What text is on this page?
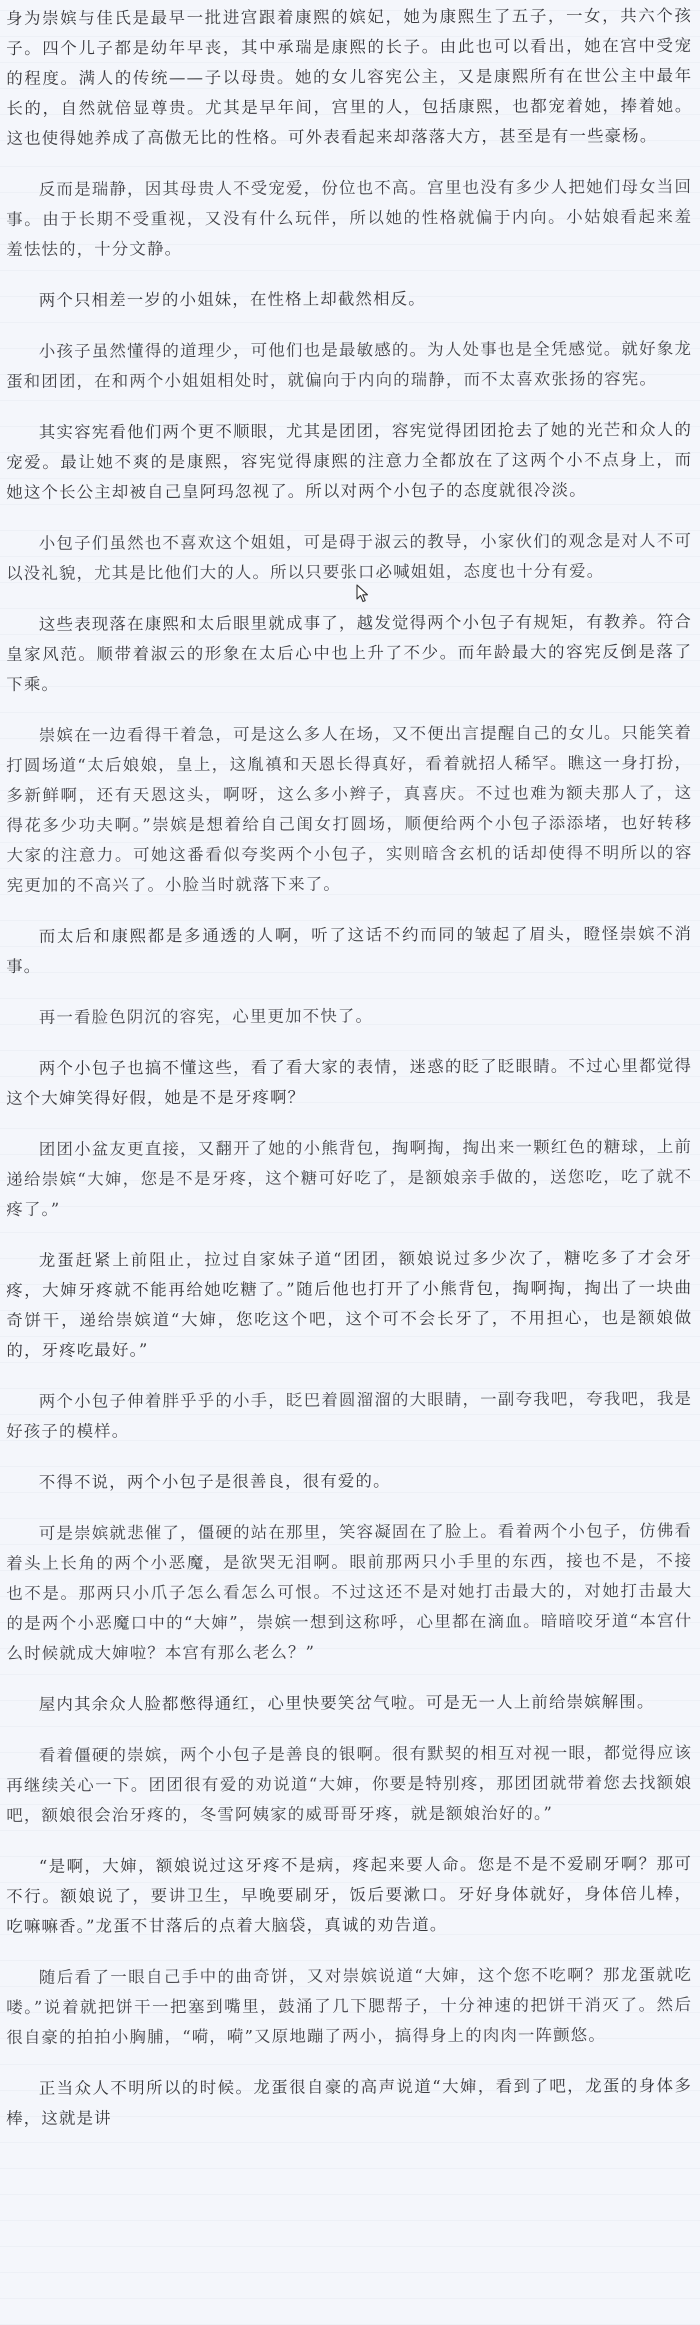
身为崇嫔与佳氏是最早一批进宫跟着康熙的嫔妃，她为康熙生了五子，一女，共六个孩子。四个儿子都是幼年早丧，其中承瑞是康熙的长子。由此也可以看出，她在宫中受宠的程度。满人的传统——子以母贵。她的女儿容宪公主，又是康熙所有在世公主中最年长的，自然就倍显尊贵。尤其是早年间，宫里的人，包括康熙，也都宠着她，捧着她。这也使得她养成了高傲无比的性格。可外表看起来却落落大方，甚至是有一些豪杨。

反而是瑞静，因其母贵人不受宠爱，份位也不高。宫里也没有多少人把她们母女当回事。由于长期不受重视，又没有什么玩伴，所以她的性格就偏于内向。小姑娘看起来羞羞怯怯的，十分文静。

两个只相差一岁的小姐妹，在性格上却截然相反。

小孩子虽然懂得的道理少，可他们也是最敏感的。为人处事也是全凭感觉。就好象龙蛋和团团，在和两个小姐姐相处时，就偏向于内向的瑞静，而不太喜欢张扬的容宪。

其实容宪看他们两个更不顺眼，尤其是团团，容宪觉得团团抢去了她的光芒和众人的宠爱。最让她不爽的是康熙，容宪觉得康熙的注意力全都放在了这两个小不点身上，而她这个长公主却被自己皇阿玛忽视了。所以对两个小包子的态度就很冷淡。

小包子们虽然也不喜欢这个姐姐，可是碍于淑云的教导，小家伙们的观念是对人不可以没礼貌，尤其是比他们大的人。所以只要张口必喊姐姐，态度也十分有爱。

这些表现落在康熙和太后眼里就成事了，越发觉得两个小包子有规矩，有教养。符合皇家风范。顺带着淑云的形象在太后心中也上升了不少。而年龄最大的容宪反倒是落了下乘。

崇嫔在一边看得干着急，可是这么多人在场，又不便出言提醒自己的女儿。只能笑着打圆场道“太后娘娘，皇上，这胤禛和天恩长得真好，看着就招人稀罕。瞧这一身打扮，多新鲜啊，还有天恩这头，啊呀，这么多小辫子，真喜庆。不过也难为额夫那人了，这得花多少功夫啊。”崇嫔是想着给自己闺女打圆场，顺便给两个小包子添添堵，也好转移大家的注意力。可她这番看似夸奖两个小包子，实则暗含玄机的话却使得不明所以的容宪更加的不高兴了。小脸当时就落下来了。

而太后和康熙都是多通透的人啊，听了这话不约而同的皱起了眉头，瞪怪崇嫔不消事。

再一看脸色阴沉的容宪，心里更加不快了。

两个小包子也搞不懂这些，看了看大家的表情，迷惑的眨了眨眼睛。不过心里都觉得这个大婶笑得好假，她是不是牙疼啊？

团团小盆友更直接，又翻开了她的小熊背包，掏啊掏，掏出来一颗红色的糖球，上前递给崇嫔“大婶，您是不是牙疼，这个糖可好吃了，是额娘亲手做的，送您吃，吃了就不疼了。”

龙蛋赶紧上前阻止，拉过自家妹子道“团团，额娘说过多少次了，糖吃多了才会牙疼，大婶牙疼就不能再给她吃糖了。”随后他也打开了小熊背包，掏啊掏，掏出了一块曲奇饼干，递给崇嫔道“大婶，您吃这个吧，这个可不会长牙了，不用担心，也是额娘做的，牙疼吃最好。”

两个小包子伸着胖乎乎的小手，眨巴着圆溜溜的大眼睛，一副夸我吧，夸我吧，我是好孩子的模样。

不得不说，两个小包子是很善良，很有爱的。

可是崇嫔就悲催了，僵硬的站在那里，笑容凝固在了脸上。看着两个小包子，仿佛看着头上长角的两个小恶魔，是欲哭无泪啊。眼前那两只小手里的东西，接也不是，不接也不是。那两只小爪子怎么看怎么可恨。不过这还不是对她打击最大的，对她打击最大的是两个小恶魔口中的“大婶”，崇嫔一想到这称呼，心里都在滴血。暗暗咬牙道“本宫什么时候就成大婶啦？本宫有那么老么？”

屋内其余众人脸都憋得通红，心里快要笑岔气啦。可是无一人上前给崇嫔解围。

看着僵硬的崇嫔，两个小包子是善良的银啊。很有默契的相互对视一眼，都觉得应该再继续关心一下。团团很有爱的劝说道“大婶，你要是特别疼，那团团就带着您去找额娘吧，额娘很会治牙疼的，冬雪阿姨家的威哥哥牙疼，就是额娘治好的。”

“是啊，大婶，额娘说过这牙疼不是病，疼起来要人命。您是不是不爱刷牙啊？那可不行。额娘说了，要讲卫生，早晚要刷牙，饭后要漱口。牙好身体就好，身体倍儿棒，吃嘛嘛香。”龙蛋不甘落后的点着大脑袋，真诚的劝告道。

随后看了一眼自己手中的曲奇饼，又对崇嫔说道“大婶，这个您不吃啊？那龙蛋就吃喽。”说着就把饼干一把塞到嘴里，鼓涌了几下腮帮子，十分神速的把饼干消灭了。然后很自豪的拍拍小胸脯，“嗬，嗬”又原地蹦了两小，搞得身上的肉肉一阵颤悠。

正当众人不明所以的时候。龙蛋很自豪的高声说道“大婶，看到了吧，龙蛋的身体多棒，这就是讲
